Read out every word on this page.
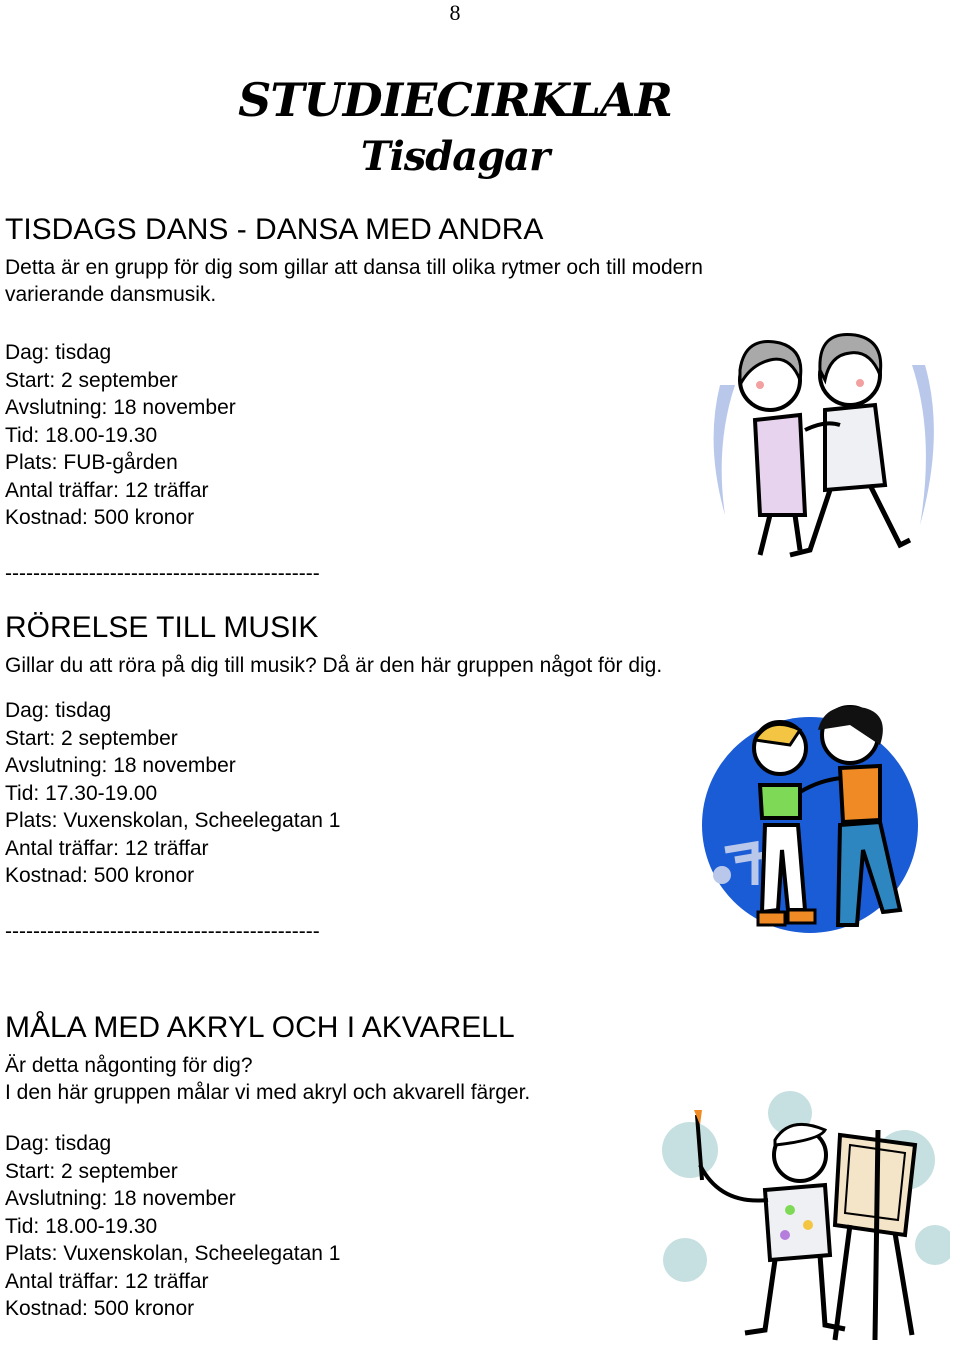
8
STUDIECIRKLAR
Tisdagar
TISDAGS DANS - DANSA MED ANDRA
Detta är en grupp för dig som gillar att dansa till olika rytmer och till modern
varierande dansmusik.
Dag: tisdag
Start: 2 september
Avslutning: 18 november
Tid: 18.00-19.30
Plats: FUB-gården
Antal träffar: 12 träffar
Kostnad: 500 kronor
---------------------------------------------
RÖRELSE TILL MUSIK
Gillar du att röra på dig till musik? Då är den här gruppen något för dig.
Dag: tisdag
Start: 2 september
Avslutning: 18 november
Tid: 17.30-19.00
Plats: Vuxenskolan, Scheelegatan 1
Antal träffar: 12 träffar
Kostnad: 500 kronor
---------------------------------------------
MÅLA MED AKRYL OCH I AKVARELL
Är detta någonting för dig?
I den här gruppen målar vi med akryl och akvarell färger.
Dag: tisdag
Start: 2 september
Avslutning: 18 november
Tid: 18.00-19.30
Plats: Vuxenskolan, Scheelegatan 1
Antal träffar: 12 träffar
Kostnad: 500 kronor
